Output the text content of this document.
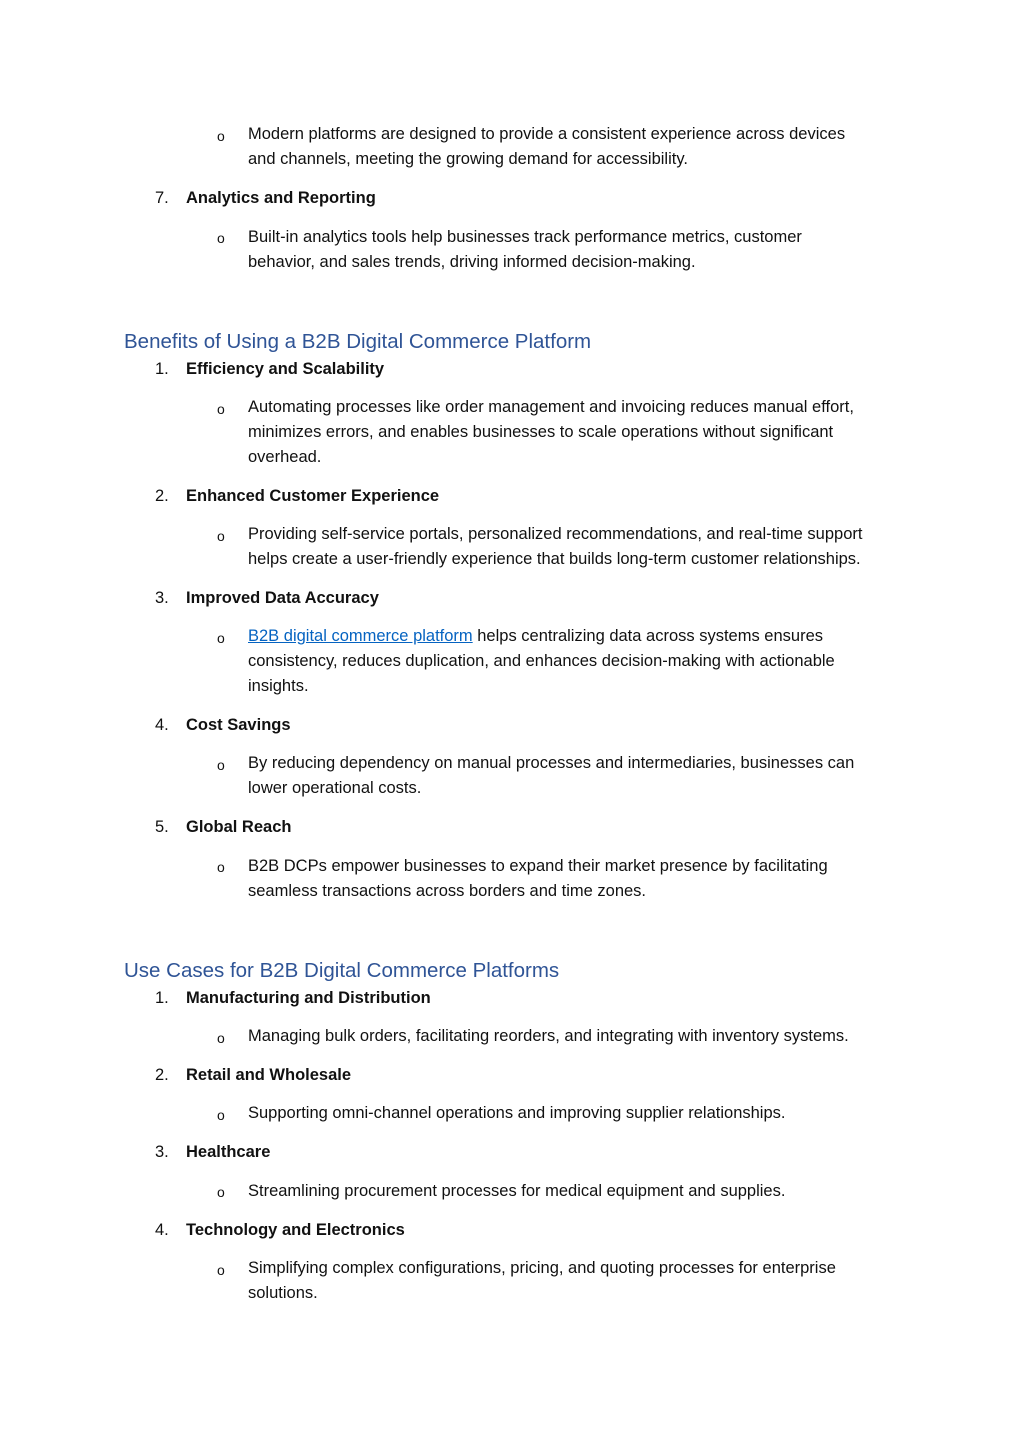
o Modern platforms are designed to provide a consistent experience across devices
and channels, meeting the growing demand for accessibility.
7. Analytics and Reporting
o Built-in analytics tools help businesses track performance metrics, customer
behavior, and sales trends, driving informed decision-making.
Benefits of Using a B2B Digital Commerce Platform
1. Efficiency and Scalability
o Automating processes like order management and invoicing reduces manual effort,
minimizes errors, and enables businesses to scale operations without significant
overhead.
2. Enhanced Customer Experience
o Providing self-service portals, personalized recommendations, and real-time support
helps create a user-friendly experience that builds long-term customer relationships.
3. Improved Data Accuracy
o B2B digital commerce platform helps centralizing data across systems ensures
consistency, reduces duplication, and enhances decision-making with actionable
insights.
4. Cost Savings
o By reducing dependency on manual processes and intermediaries, businesses can
lower operational costs.
5. Global Reach
o B2B DCPs empower businesses to expand their market presence by facilitating
seamless transactions across borders and time zones.
Use Cases for B2B Digital Commerce Platforms
1. Manufacturing and Distribution
o Managing bulk orders, facilitating reorders, and integrating with inventory systems.
2. Retail and Wholesale
o Supporting omni-channel operations and improving supplier relationships.
3. Healthcare
o Streamlining procurement processes for medical equipment and supplies.
4. Technology and Electronics
o Simplifying complex configurations, pricing, and quoting processes for enterprise
solutions.
